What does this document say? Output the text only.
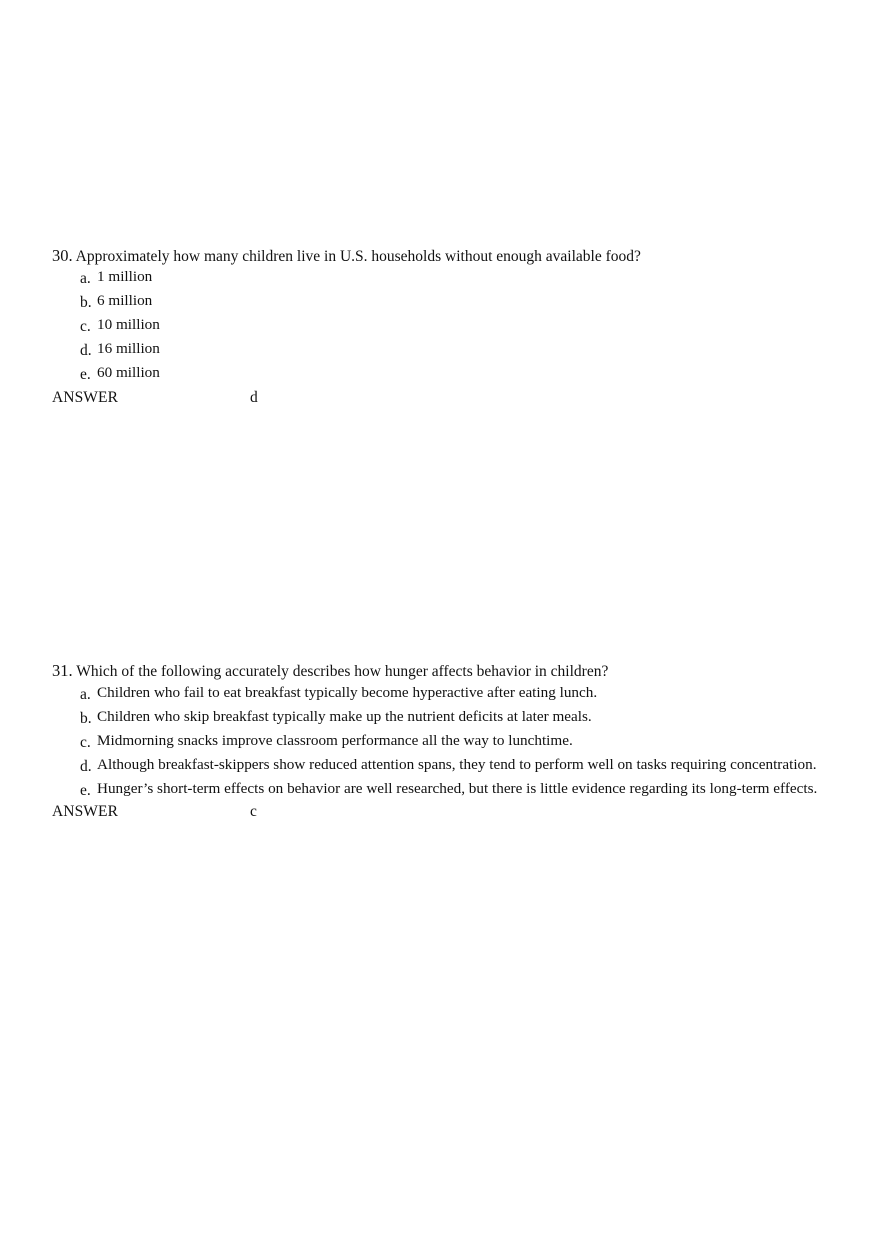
30. Approximately how many children live in U.S. households without enough available food?

a. 1 million

b. 6 million

c. 10 million

d. 16 million

e. 60 million

ANSWER	d

31. Which of the following accurately describes how hunger affects behavior in children?

a. Children who fail to eat breakfast typically become hyperactive after eating lunch.

b. Children who skip breakfast typically make up the nutrient deficits at later meals.

c. Midmorning snacks improve classroom performance all the way to lunchtime.

d. Although breakfast-skippers show reduced attention spans, they tend to perform well on tasks requiring concentration.

e. Hunger’s short-term effects on behavior are well researched, but there is little evidence regarding its long-term effects.

ANSWER	c
